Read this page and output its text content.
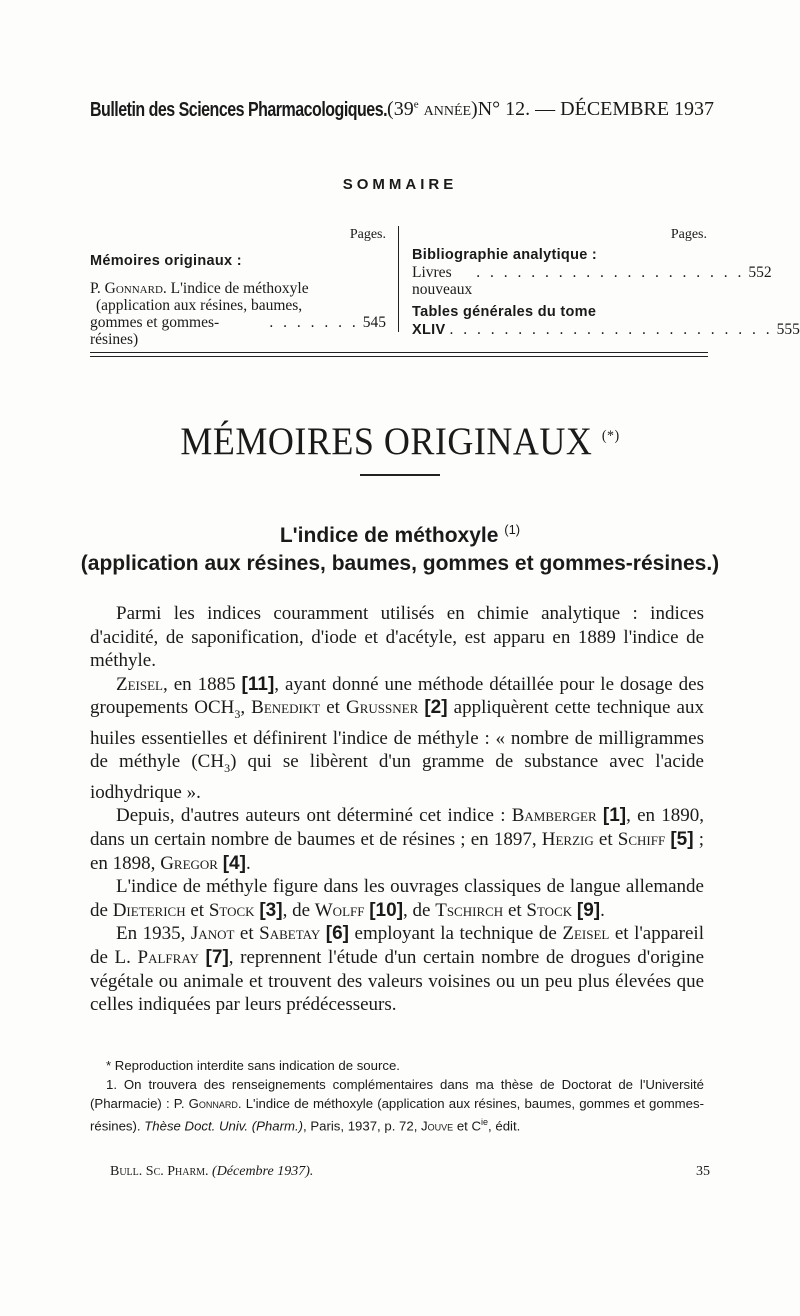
Bulletin des Sciences Pharmacologiques. (39e année) N° 12. — DÉCEMBRE 1937
SOMMAIRE
Pages.
Mémoires originaux :
P. Gonnard. L'indice de méthoxyle
(application aux résines, baumes,
gommes et gommes-résines)
. . . . . . . 545
Pages.
Bibliographie analytique :
Livres nouveaux
. . . . . . . . . . . . . . . . . . . . 552
Tables générales du tome
XLIV . . . . . . . . . . . . . . . . . . . . . . . . 555
MÉMOIRES ORIGINAUX (*)
L'indice de méthoxyle $^{(1)}$
(application aux résines, baumes, gommes et gommes-résines.)

Parmi les indices couramment utilisés en chimie analytique : indices d'acidité, de saponification, d'iode et d'acétyle, est apparu en 1889 l'indice de méthyle.

Zeisel, en 1885 [11], ayant donné une méthode détaillée pour le dosage des groupements $OCH_3$, Benedikt et Grussner [2] appliquèrent cette technique aux huiles essentielles et définirent l'indice de méthyle : « nombre de milligrammes de méthyle $(CH_3)$ qui se libèrent d'un gramme de substance avec l'acide iodhydrique ».

Depuis, d'autres auteurs ont déterminé cet indice : Bamberger [1], en 1890, dans un certain nombre de baumes et de résines ; en 1897, Herzig et Schiff [5] ; en 1898, Gregor [4].

L'indice de méthyle figure dans les ouvrages classiques de langue allemande de Dieterich et Stock [3], de Wolff [10], de Tschirch et Stock [9].

En 1935, Janot et Sabetay [6] employant la technique de Zeisel et l'appareil de L. Palfray [7], reprennent l'étude d'un certain nombre de drogues d'origine végétale ou animale et trouvent des valeurs voisines ou un peu plus élevées que celles indiquées par leurs prédécesseurs.

* Reproduction interdite sans indication de source.

1. On trouvera des renseignements complémentaires dans ma thèse de Doctorat de l'Université (Pharmacie) : P. Gonnard. L'indice de méthoxyle (application aux résines, baumes, gommes et gommes-résines). Thèse Doct. Univ. (Pharm.), Paris, 1937, p. 72, Jouve et $C^{ie}$, édit.

Bull. Sc. Pharm. (Décembre 1937).	35
